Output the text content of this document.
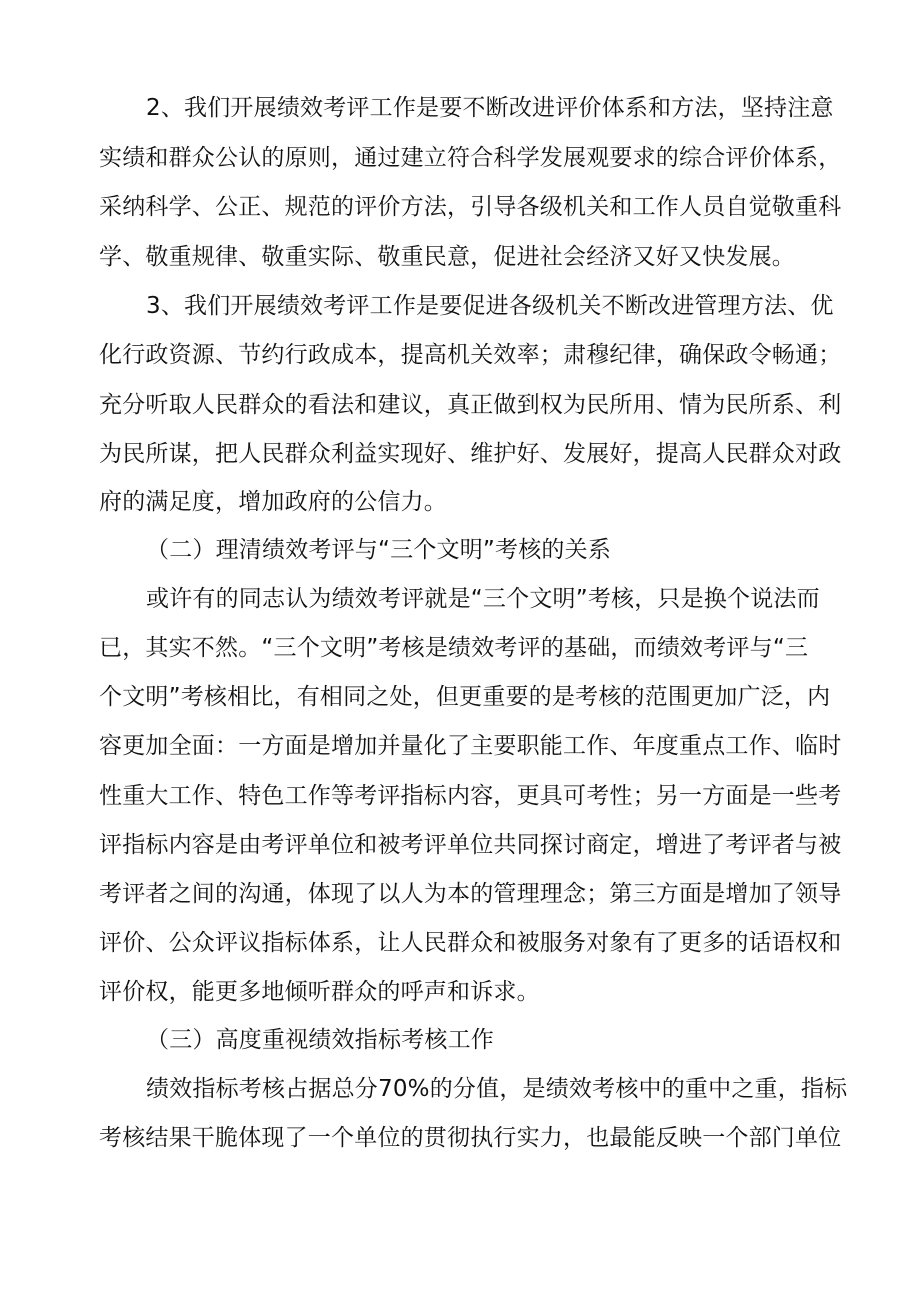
2、我们开展绩效考评工作是要不断改进评价体系和方法，坚持注意

实绩和群众公认的原则，通过建立符合科学发展观要求的综合评价体系，

采纳科学、公正、规范的评价方法，引导各级机关和工作人员自觉敬重科

学、敬重规律、敬重实际、敬重民意，促进社会经济又好又快发展。

3、我们开展绩效考评工作是要促进各级机关不断改进管理方法、优

化行政资源、节约行政成本，提高机关效率；肃穆纪律，确保政令畅通；

充分听取人民群众的看法和建议，真正做到权为民所用、情为民所系、利

为民所谋，把人民群众利益实现好、维护好、发展好，提高人民群众对政

府的满足度，增加政府的公信力。

（二）理清绩效考评与“三个文明”考核的关系

或许有的同志认为绩效考评就是“三个文明”考核，只是换个说法而

已，其实不然。“三个文明”考核是绩效考评的基础，而绩效考评与“三

个文明”考核相比，有相同之处，但更重要的是考核的范围更加广泛，内

容更加全面：一方面是增加并量化了主要职能工作、年度重点工作、临时

性重大工作、特色工作等考评指标内容，更具可考性；另一方面是一些考

评指标内容是由考评单位和被考评单位共同探讨商定，增进了考评者与被

考评者之间的沟通，体现了以人为本的管理理念；第三方面是增加了领导

评价、公众评议指标体系，让人民群众和被服务对象有了更多的话语权和

评价权，能更多地倾听群众的呼声和诉求。

（三）高度重视绩效指标考核工作

绩效指标考核占据总分70%的分值，是绩效考核中的重中之重，指标

考核结果干脆体现了一个单位的贯彻执行实力，也最能反映一个部门单位
